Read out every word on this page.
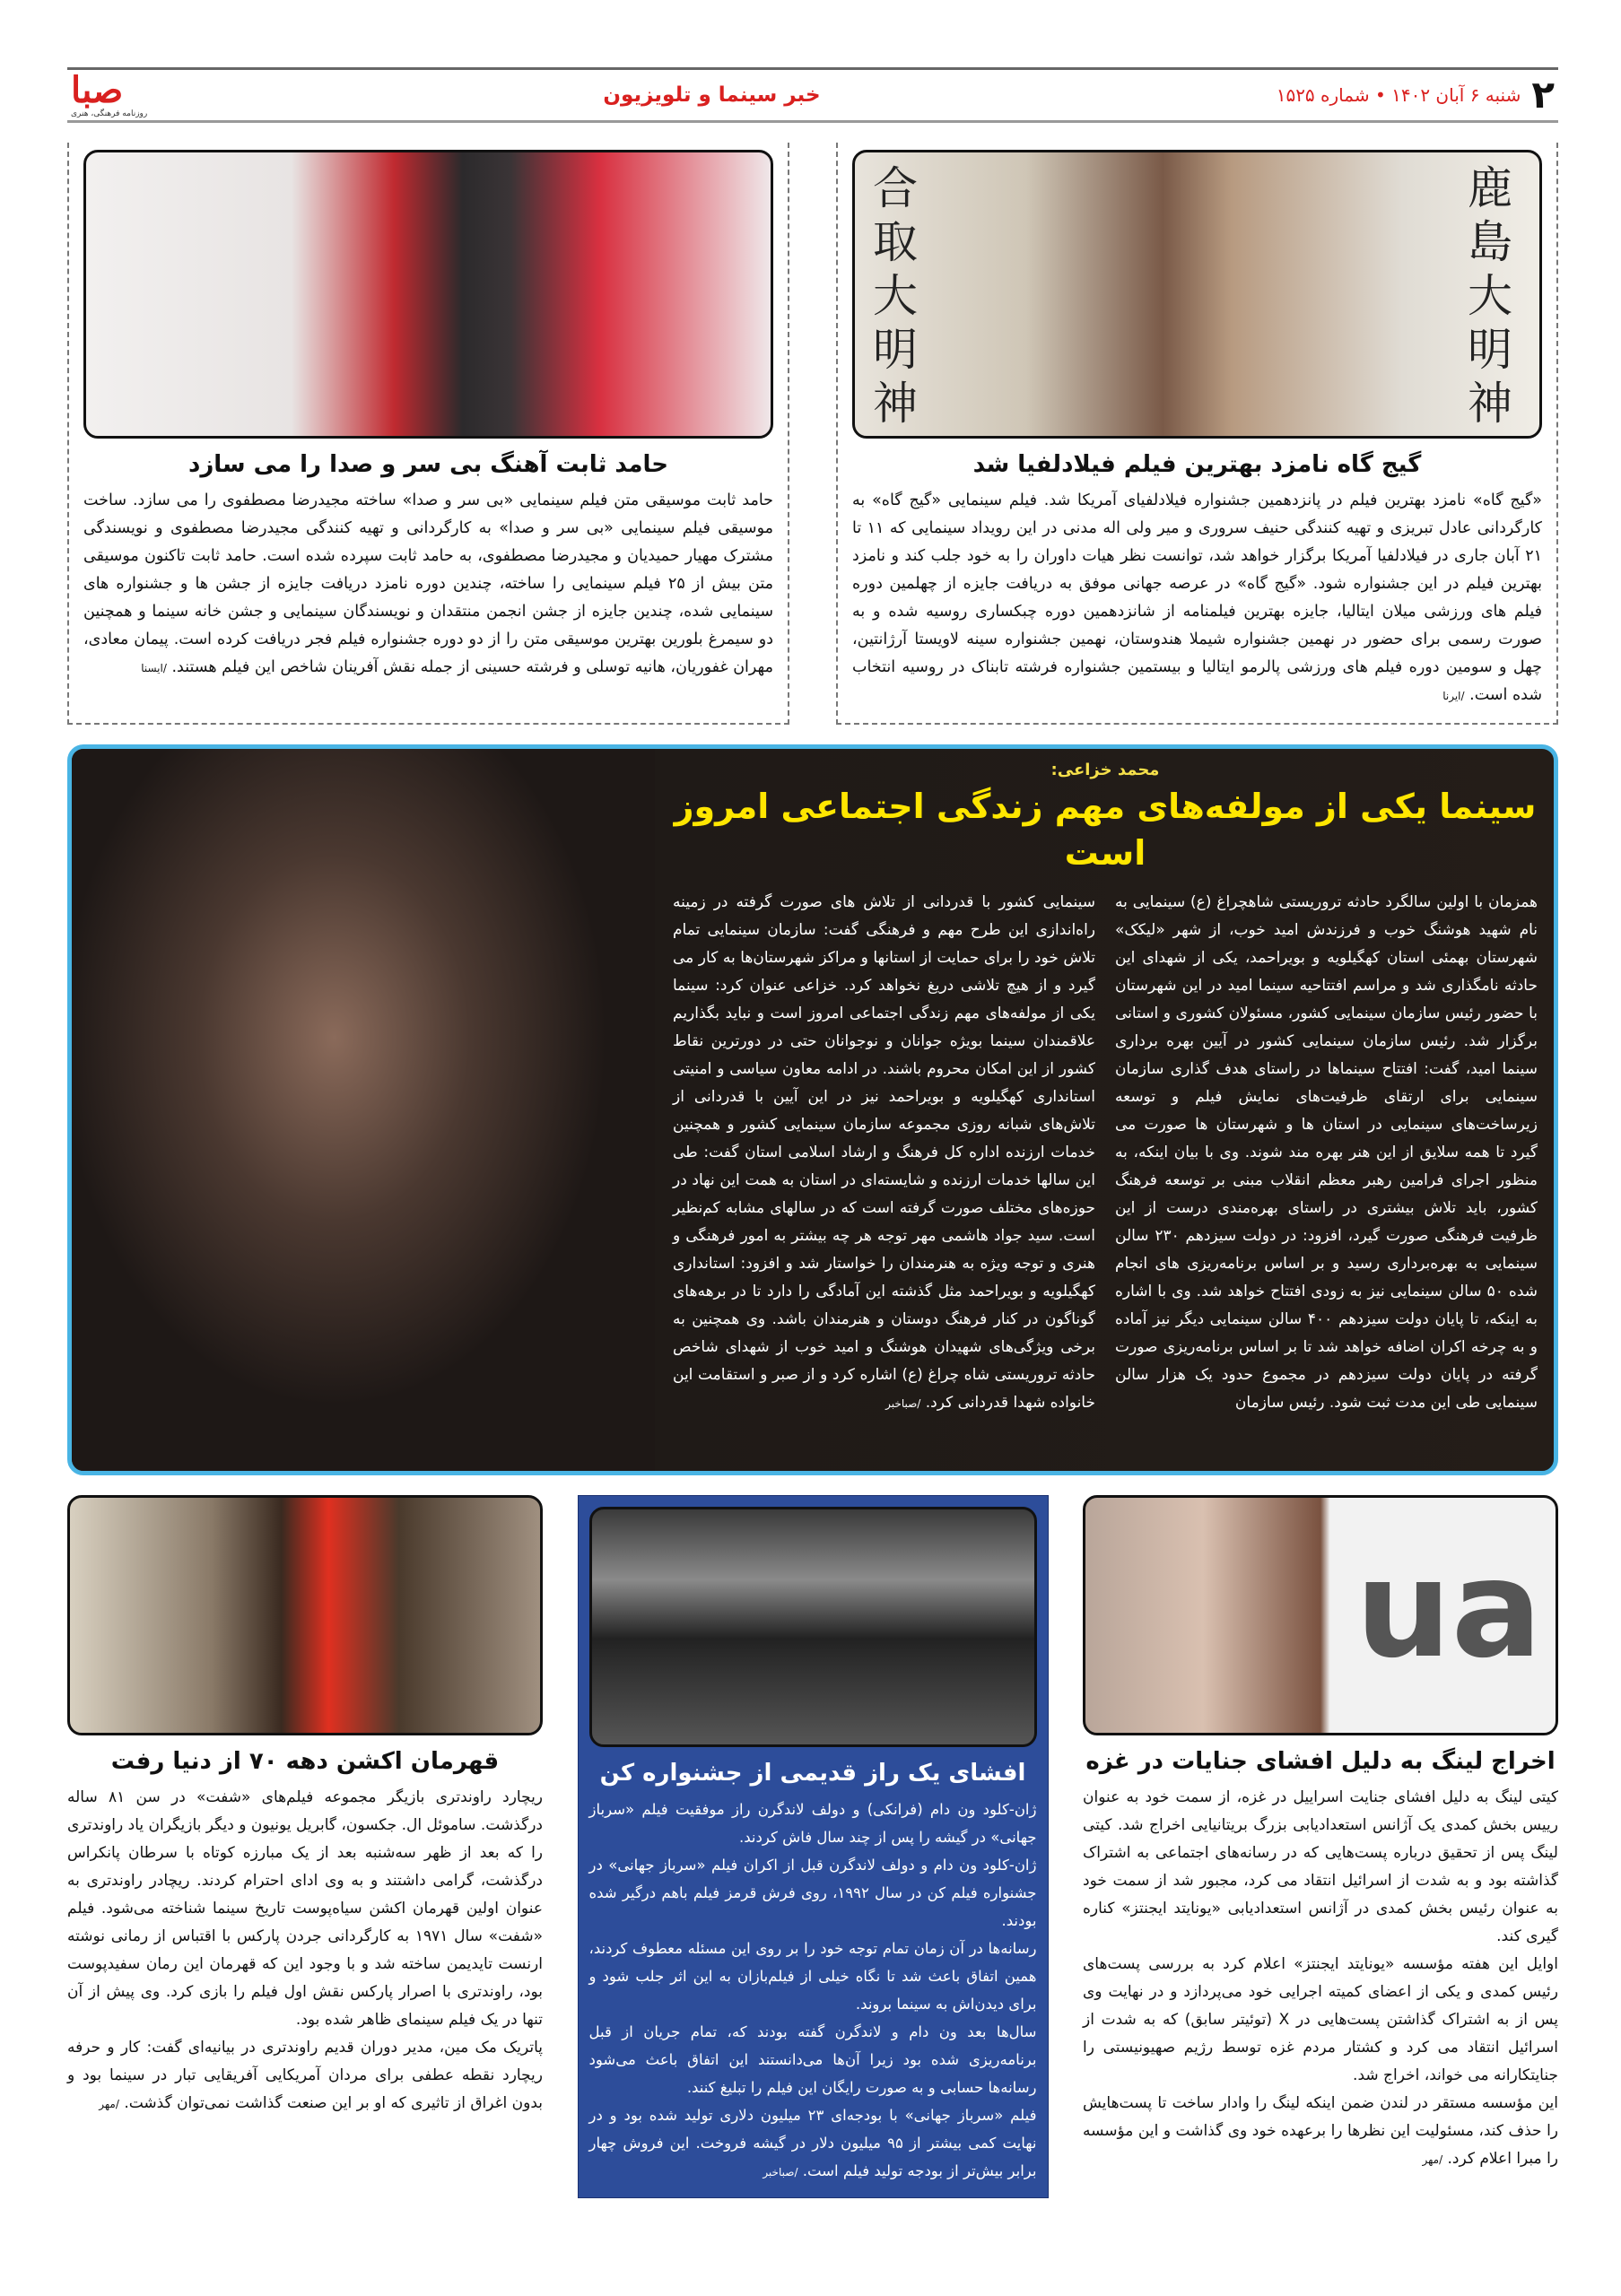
صبا
روزنامه فرهنگی، هنری
خبر سینما و تلویزیون	۲
شنبه ۶ آبان ۱۴۰۲ • شماره ۱۵۲۵
حامد ثابت آهنگ بی سر و صدا را می سازد
حامد ثابت موسیقی متن فیلم سینمایی «بی سر و صدا» ساخته مجیدرضا مصطفوی را می سازد. ساخت موسیقی فیلم سینمایی «بی سر و صدا» به کارگردانی و تهیه کنندگی مجیدرضا مصطفوی و نویسندگی مشترک مهیار حمیدیان و مجیدرضا مصطفوی، به حامد ثابت سپرده شده است. حامد ثابت تاکنون موسیقی متن بیش از ۲۵ فیلم سینمایی را ساخته، چندین دوره نامزد دریافت جایزه از جشن ها و جشنواره های سینمایی شده، چندین جایزه از جشن انجمن منتقدان و نویسندگان سینمایی و جشن خانه سینما و همچنین دو سیمرغ بلورین بهترین موسیقی متن را از دو دوره جشنواره فیلم فجر دریافت کرده است. پیمان معادی، مهران غفوریان، هانیه توسلی و فرشته حسینی از جمله نقش آفرینان شاخص این فیلم هستند. /ایسنا
合
取
大
明
神
鹿
島
大
明
神
گیج گاه نامزد بهترین فیلم فیلادلفیا شد
«گیج گاه» نامزد بهترین فیلم در پانزدهمین جشنواره فیلادلفیای آمریکا شد. فیلم سینمایی «گیج گاه» به کارگردانی عادل تبریزی و تهیه کنندگی حنیف سروری و میر ولی اله مدنی در این رویداد سینمایی که ۱۱ تا ۲۱ آبان جاری در فیلادلفیا آمریکا برگزار خواهد شد، توانست نظر هیات داوران را به خود جلب کند و نامزد بهترین فیلم در این جشنواره شود. «گیج گاه» در عرصه جهانی موفق به دریافت جایزه از چهلمین دوره فیلم های ورزشی میلان ایتالیا، جایزه بهترین فیلمنامه از شانزدهمین دوره چبکساری روسیه شده و به صورت رسمی برای حضور در نهمین جشنواره شیملا هندوستان، نهمین جشنواره سینه لاویستا آرژانتین، چهل و سومین دوره فیلم های ورزشی پالرمو ایتالیا و بیستمین جشنواره فرشته تابناک در روسیه انتخاب شده است. /ایرنا
محمد خزاعی:
سینما یکی از مولفه‌های مهم زندگی اجتماعی امروز است
همزمان با اولین سالگرد حادثه تروریستی شاهچراغ (ع) سینمایی به نام شهید هوشنگ خوب و فرزندش امید خوب، از شهر «لیکک» شهرستان بهمئی استان کهگیلویه و بویراحمد، یکی از شهدای این حادثه نامگذاری شد و مراسم افتتاحیه سینما امید در این شهرستان با حضور رئیس سازمان سینمایی کشور، مسئولان کشوری و استانی برگزار شد. رئیس سازمان سینمایی کشور در آیین بهره برداری سینما امید، گفت: افتتاح سینماها در راستای هدف گذاری سازمان سینمایی برای ارتقای ظرفیت‌های نمایش فیلم و توسعه زیرساخت‌های سینمایی در استان ها و شهرستان ها صورت می گیرد تا همه سلایق از این هنر بهره مند شوند. وی با بیان اینکه، به منظور اجرای فرامین رهبر معظم انقلاب مبنی بر توسعه فرهنگ کشور، باید تلاش بیشتری در راستای بهره‌مندی درست از این ظرفیت فرهنگی صورت گیرد، افزود: در دولت سیزدهم ۲۳۰ سالن سینمایی به بهره‌برداری رسید و بر اساس برنامه‌ریزی های انجام شده ۵۰ سالن سینمایی نیز به زودی افتتاح خواهد شد. وی با اشاره به اینکه، تا پایان دولت سیزدهم ۴۰۰ سالن سینمایی دیگر نیز آماده و به چرخه اکران اضافه خواهد شد تا بر اساس برنامه‌ریزی صورت گرفته در پایان دولت سیزدهم در مجموع حدود یک هزار سالن سینمایی طی این مدت ثبت شود. رئیس سازمان
سینمایی کشور با قدردانی از تلاش های صورت گرفته در زمینه راه‌اندازی این طرح مهم و فرهنگی گفت: سازمان سینمایی تمام تلاش خود را برای حمایت از استانها و مراکز شهرستان‌ها به کار می گیرد و از هیچ تلاشی دریغ نخواهد کرد. خزاعی عنوان کرد: سینما یکی از مولفه‌های مهم زندگی اجتماعی امروز است و نباید بگذاریم علاقمندان سینما بویژه جوانان و نوجوانان حتی در دورترین نقاط کشور از این امکان محروم باشند. در ادامه معاون سیاسی و امنیتی استانداری کهگیلویه و بویراحمد نیز در این آیین با قدردانی از تلاش‌های شبانه روزی مجموعه سازمان سینمایی کشور و همچنین خدمات ارزنده اداره کل فرهنگ و ارشاد اسلامی استان گفت: طی این سالها خدمات ارزنده و شایسته‌ای در استان به همت این نهاد در حوزه‌های مختلف صورت گرفته است که در سالهای مشابه کم‌نظیر است. سید جواد هاشمی مهر توجه هر چه بیشتر به امور فرهنگی و هنری و توجه ویژه به هنرمندان را خواستار شد و افزود: استانداری کهگیلویه و بویراحمد مثل گذشته این آمادگی را دارد تا در برهه‌های گوناگون در کنار فرهنگ دوستان و هنرمندان باشد. وی همچنین به برخی ویژگی‌های شهیدان هوشنگ و امید خوب از شهدای شاخص حادثه تروریستی شاه چراغ (ع) اشاره کرد و از صبر و استقامت این خانواده شهدا قدردانی کرد. /صباخبر
ua
اخراج لینگ به دلیل افشای جنایات در غزه
کیتی لینگ به دلیل افشای جنایت اسراییل در غزه، از سمت خود به عنوان رییس بخش کمدی یک آژانس استعدادیابی بزرگ بریتانیایی اخراج شد. کیتی لینگ پس از تحقیق درباره پست‌هایی که در رسانه‌های اجتماعی به اشتراک گذاشته بود و به شدت از اسرائیل انتقاد می کرد، مجبور شد از سمت خود به عنوان رئیس بخش کمدی در آژانس استعدادیابی «یونایتد ایجنتز» کناره گیری کند.
اوایل این هفته مؤسسه «یونایتد ایجنتز» اعلام کرد به بررسی پست‌های رئیس کمدی و یکی از اعضای کمیته اجرایی خود می‌پردازد و در نهایت وی پس از به اشتراک گذاشتن پست‌هایی در X (توئیتر سابق) که به شدت از اسرائیل انتقاد می کرد و کشتار مردم غزه توسط رژیم صهیونیستی را جنایتکارانه می خواند، اخراج شد.
این مؤسسه مستقر در لندن ضمن اینکه لینگ را وادار ساخت تا پست‌هایش را حذف کند، مسئولیت این نظرها را برعهده خود وی گذاشت و این مؤسسه را مبرا اعلام کرد. /مهر
افشای یک راز قدیمی از جشنواره کن
ژان-کلود ون دام (فرانکی) و دولف لاندگرن راز موفقیت فیلم «سرباز جهانی» در گیشه را پس از چند سال فاش کردند.
ژان-کلود ون دام و دولف لاندگرن قبل از اکران فیلم «سرباز جهانی» در جشنواره فیلم کن در سال ۱۹۹۲، روی فرش قرمز فیلم باهم درگیر شده بودند.
رسانه‌ها در آن زمان تمام توجه خود را بر روی این مسئله معطوف کردند، همین اتفاق باعث شد تا نگاه خیلی از فیلم‌بازان به این اثر جلب شود و برای دیدن‌اش به سینما بروند.
سال‌ها بعد ون دام و لاندگرن گفته بودند که، تمام جریان از قبل برنامه‌ریزی شده بود زیرا آن‌ها می‌دانستند این اتفاق باعث می‌شود رسانه‌ها حسابی و به صورت رایگان این فیلم را تبلیغ کنند.
فیلم «سرباز جهانی» با بودجه‌ای ۲۳ میلیون دلاری تولید شده بود و در نهایت کمی بیشتر از ۹۵ میلیون دلار در گیشه فروخت. این فروش چهار برابر بیش‌تر از بودجه تولید فیلم است. /صباخبر
قهرمان اکشن دهه ۷۰ از دنیا رفت
ریچارد راوندتری بازیگر مجموعه فیلم‌های «شفت» در سن ۸۱ ساله درگذشت. ساموئل ال. جکسون، گابریل یونیون و دیگر بازیگران یاد راوندتری را که بعد از ظهر سه‌شنبه بعد از یک مبارزه کوتاه با سرطان پانکراس درگذشت، گرامی داشتند و به وی ادای احترام کردند. ریچادر راوندتری به عنوان اولین قهرمان اکشن سیاه‌پوست تاریخ سینما شناخته می‌شود. فیلم «شفت» سال ۱۹۷۱ به کارگردانی جردن پارکس با اقتباس از رمانی نوشته ارنست تایدیمن ساخته شد و با وجود این که قهرمان این رمان سفیدپوست بود، راوندتری با اصرار پارکس نقش اول فیلم را بازی کرد. وی پیش از آن تنها در یک فیلم سینمای ظاهر شده بود.
پاتریک مک مین، مدیر دوران قدیم راوندتری در بیانیه‌ای گفت: کار و حرفه ریچارد نقطه عطفی برای مردان آمریکایی آفریقایی تبار در سینما بود و بدون اغراق از تاثیری که او بر این صنعت گذاشت نمی‌توان گذشت. /مهر
